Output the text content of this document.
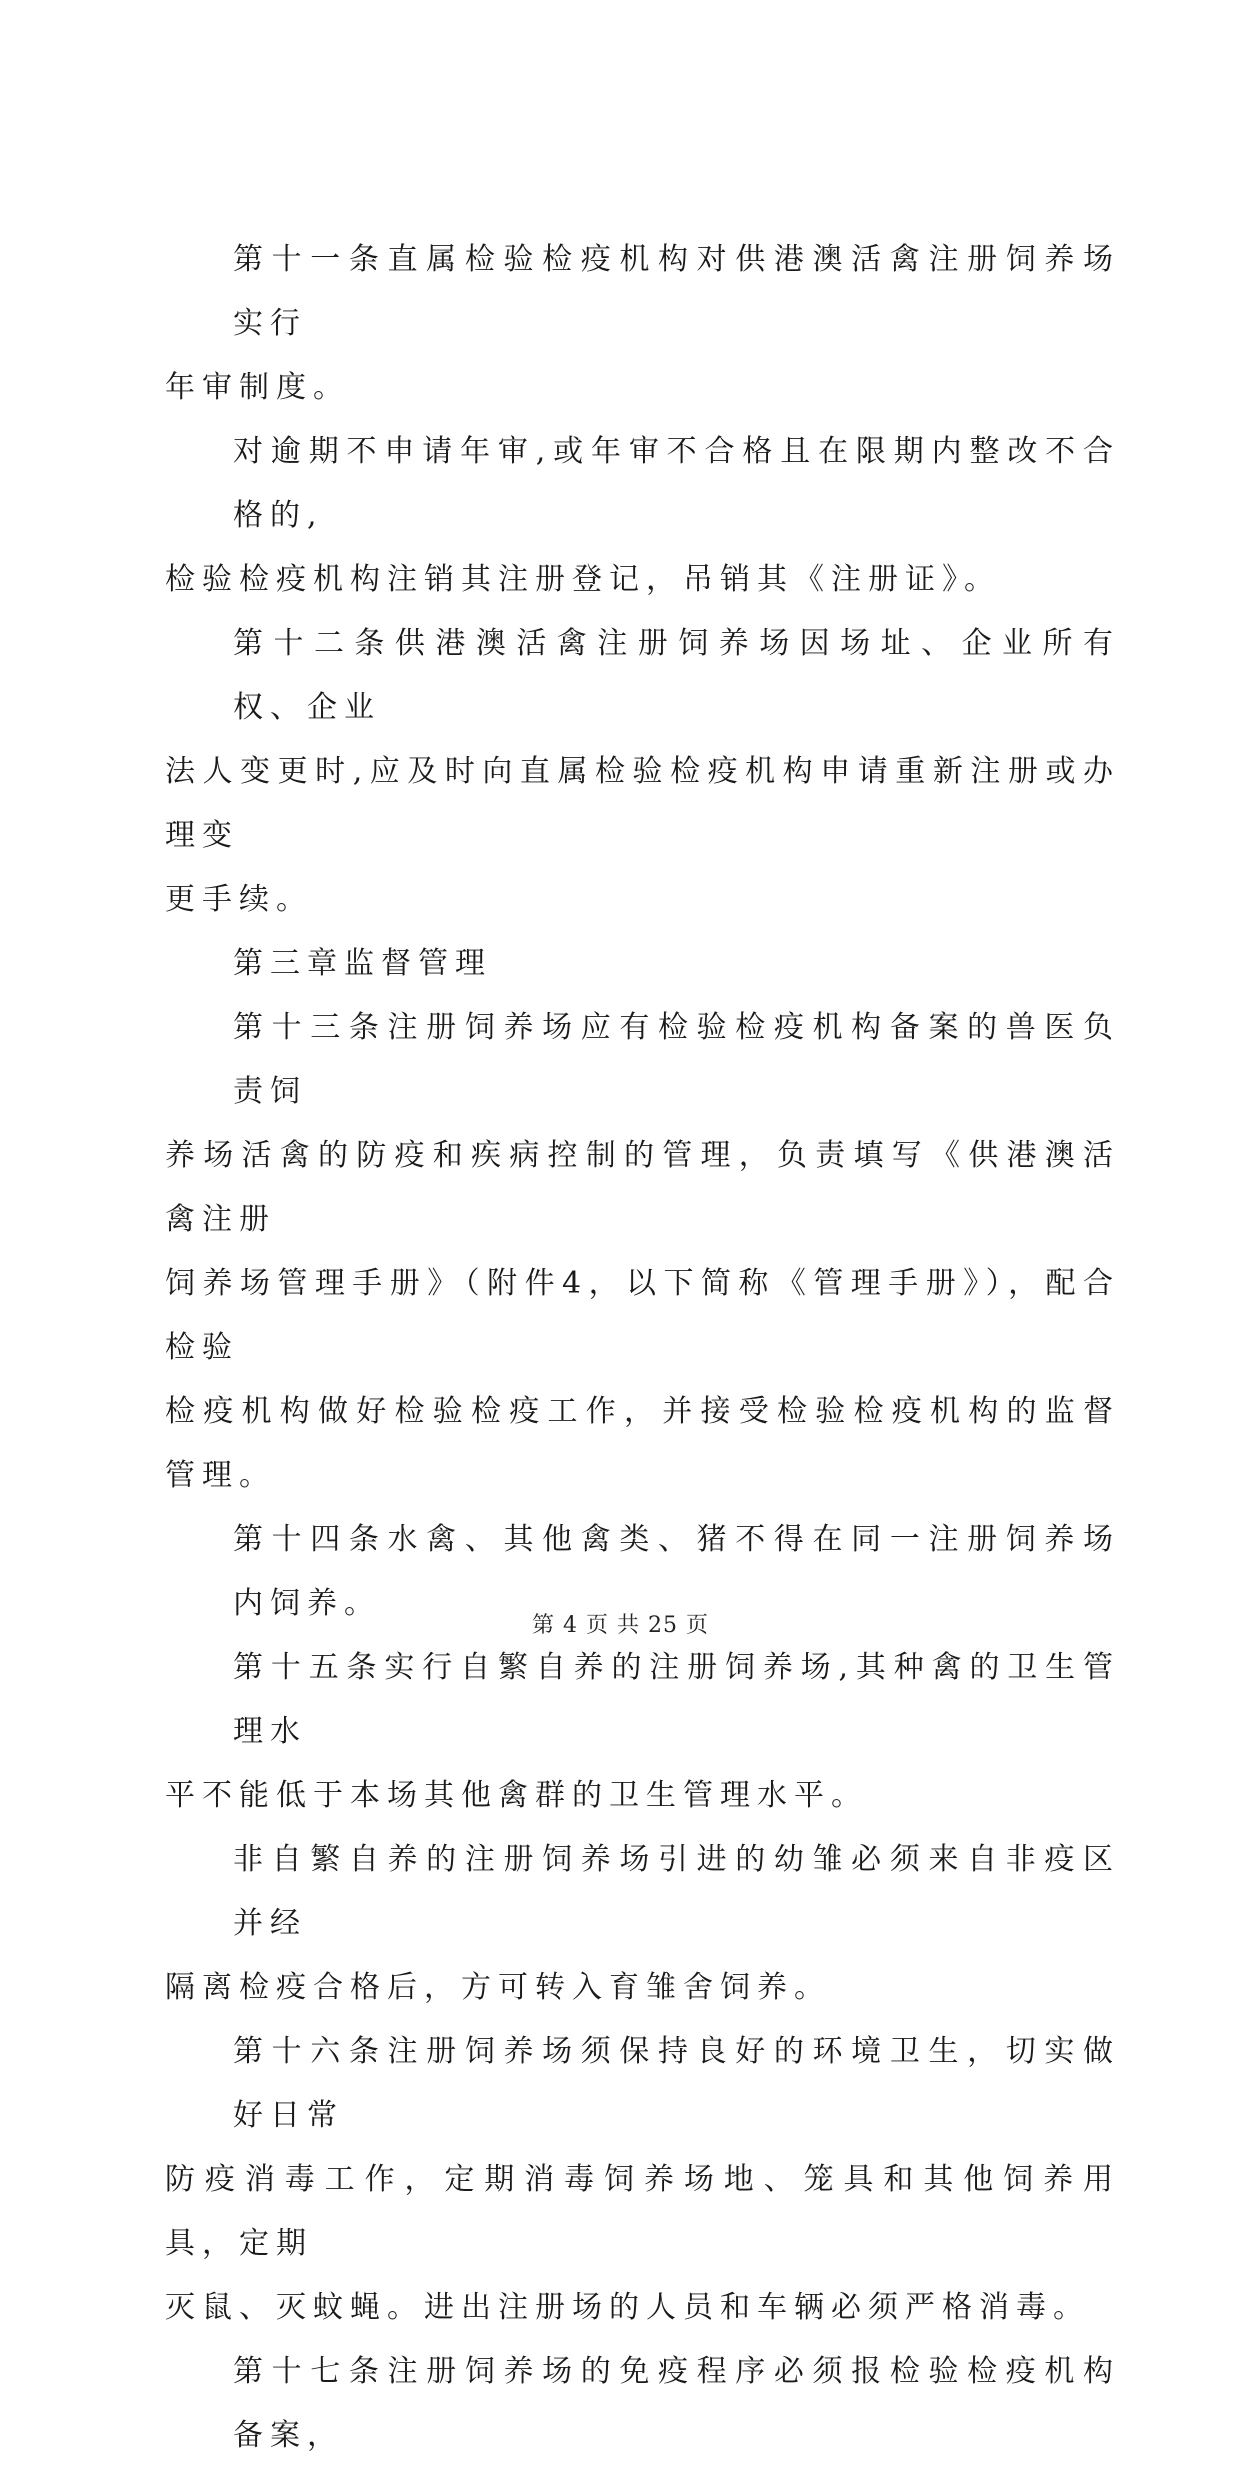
第十一条直属检验检疫机构对供港澳活禽注册饲养场实行
年审制度。
对逾期不申请年审,或年审不合格且在限期内整改不合格的,
检验检疫机构注销其注册登记，吊销其《注册证》。
第十二条供港澳活禽注册饲养场因场址、企业所有权、企业
法人变更时,应及时向直属检验检疫机构申请重新注册或办理变
更手续。
第三章监督管理
第十三条注册饲养场应有检验检疫机构备案的兽医负责饲
养场活禽的防疫和疾病控制的管理，负责填写《供港澳活禽注册
饲养场管理手册》（附件4，以下简称《管理手册》），配合检验
检疫机构做好检验检疫工作，并接受检验检疫机构的监督管理。
第十四条水禽、其他禽类、猪不得在同一注册饲养场内饲养。
第十五条实行自繁自养的注册饲养场,其种禽的卫生管理水
平不能低于本场其他禽群的卫生管理水平。
非自繁自养的注册饲养场引进的幼雏必须来自非疫区并经
隔离检疫合格后，方可转入育雏舍饲养。
第十六条注册饲养场须保持良好的环境卫生，切实做好日常
防疫消毒工作，定期消毒饲养场地、笼具和其他饲养用具，定期
灭鼠、灭蚊蝇。进出注册场的人员和车辆必须严格消毒。
第十七条注册饲养场的免疫程序必须报检验检疫机构备案，
第 4 页 共 25 页
